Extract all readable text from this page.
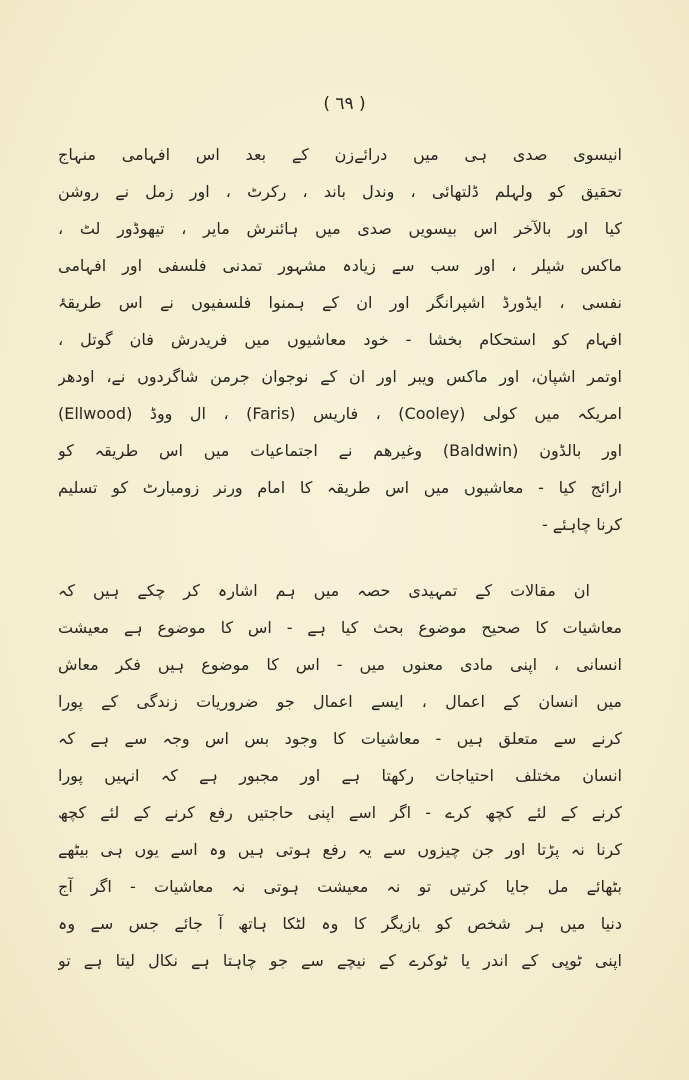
( ٦٩ )
انیسوی صدی ہی میں درائےزن کے بعد اس افہامی منہاج
تحقیق کو ولہلم ڈلتھائی ، وندل باند ، رکرٹ ، اور زمل نے روشن
کیا اور بالآخر اس بیسویں صدی میں ہائنرش مایر ، تیھوڈور لٹ ،
ماکس شیلر ، اور سب سے زیادہ مشہور تمدنی فلسفی اور افہامی
نفسی ، ایڈورڈ اشپرانگر اور ان کے ہمنوا فلسفیوں نے اس طریقۂ
افہام کو استحکام بخشا - خود معاشیوں میں فریدرش فان گوتل ،
اوتمر اشپان، اور ماکس ویبر اور ان کے نوجوان جرمن شاگردوں نے، اودھر
امریکہ میں کولی (Cooley) ، فاریس (Faris) ، ال ووڈ (Ellwood)
اور بالڈون (Baldwin) وغیرھم نے اجتماعیات میں اس طریقہ کو
ارائج کیا - معاشیوں میں اس طریقہ کا امام ورنر زومبارٹ کو تسلیم
کرنا چاہئے -
ان مقالات کے تمہیدی حصہ میں ہم اشارہ کر چکے ہیں کہ
معاشیات کا صحیح موضوع بحث کیا ہے - اس کا موضوع ہے معیشت
انسانی ، اپنی مادی معنوں میں - اس کا موضوع ہیں فکر معاش
میں انسان کے اعمال ، ایسے اعمال جو ضروریات زندگی کے پورا
کرنے سے متعلق ہیں - معاشیات کا وجود بس اس وجہ سے ہے کہ
انسان مختلف احتیاجات رکھتا ہے اور مجبور ہے کہ انہیں پورا
کرنے کے لئے کچھ کرے - اگر اسے اپنی حاجتیں رفع کرنے کے لئے کچھ
کرنا نہ پڑتا اور جن چیزوں سے یہ رفع ہوتی ہیں وہ اسے یوں ہی بیٹھے
بٹھائے مل جایا کرتیں تو نہ معیشت ہوتی نہ معاشیات - اگر آج
دنیا میں ہر شخص کو بازیگر کا وہ لٹکا ہاتھ آ جائے جس سے وہ
اپنی ٹوپی کے اندر یا ٹوکرے کے نیچے سے جو چاہتا ہے نکال لیتا ہے تو
